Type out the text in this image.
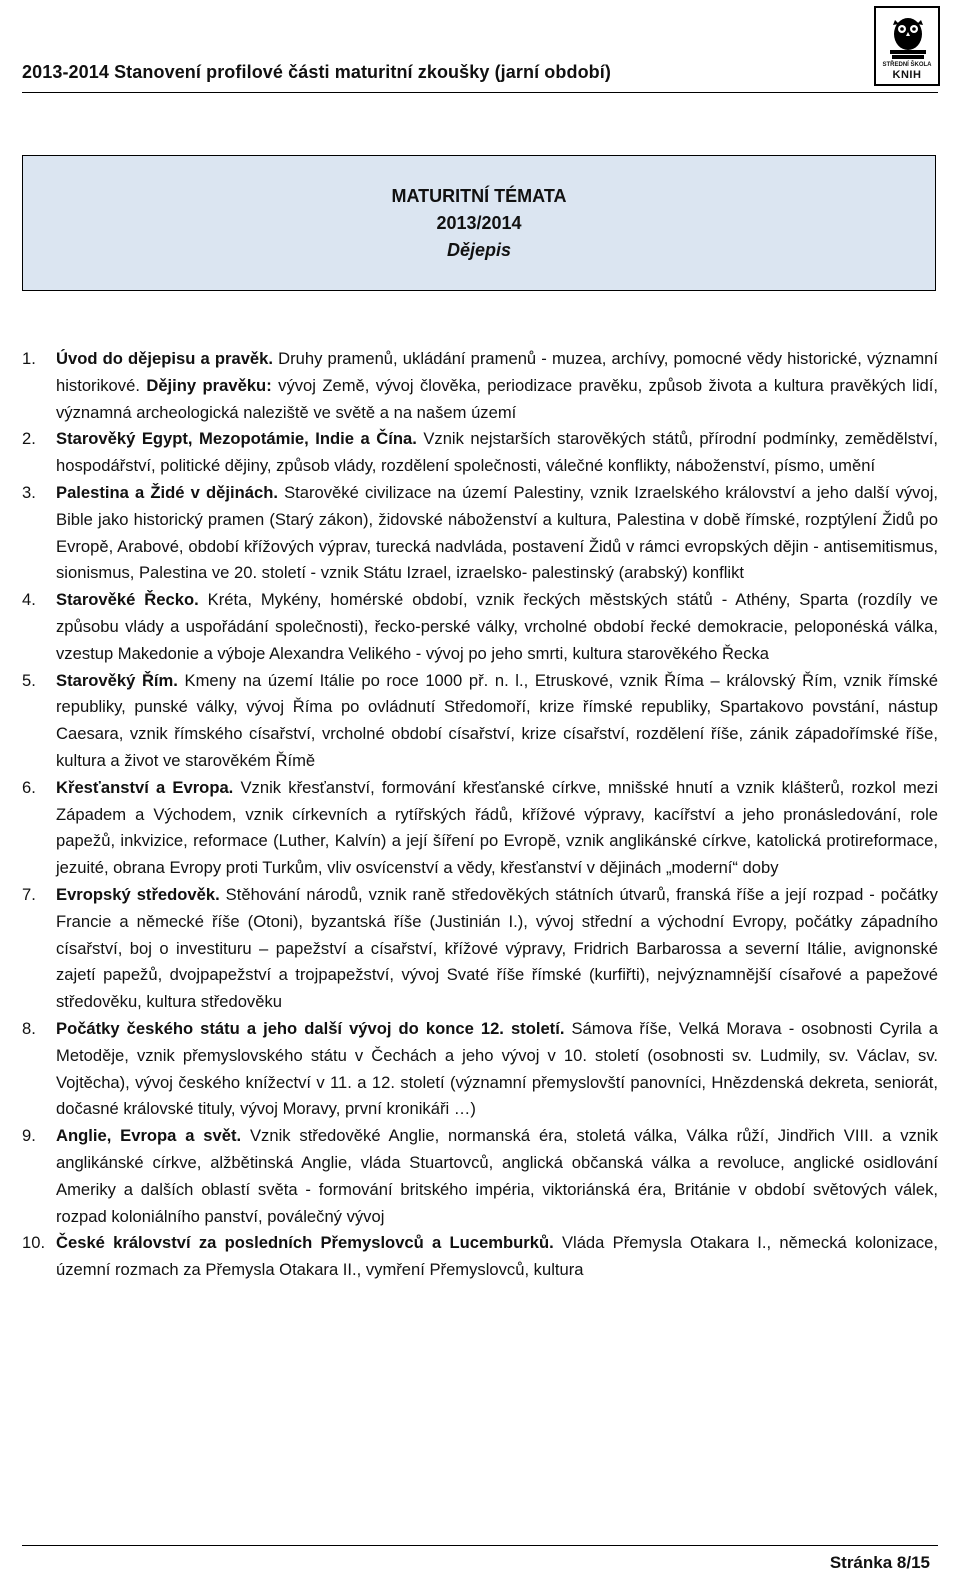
2013-2014 Stanovení profilové části maturitní zkoušky (jarní období)	STŘEDNÍ ŠKOLA
KNIH
MATURITNÍ TÉMATA
2013/2014
Dějepis
1.	Úvod do dějepisu a pravěk. Druhy pramenů, ukládání pramenů - muzea, archívy, pomocné vědy historické, významní historikové. Dějiny pravěku: vývoj Země, vývoj člověka, periodizace pravěku, způsob života a kultura pravěkých lidí, významná archeologická naleziště ve světě a na našem území
2.	Starověký Egypt, Mezopotámie, Indie a Čína. Vznik nejstarších starověkých států, přírodní podmínky, zemědělství, hospodářství, politické dějiny, způsob vlády, rozdělení společnosti, válečné konflikty, náboženství, písmo, umění
3.	Palestina a Židé v dějinách. Starověké civilizace na území Palestiny, vznik Izraelského království a jeho další vývoj, Bible jako historický pramen (Starý zákon), židovské náboženství a kultura, Palestina v době římské, rozptýlení Židů po Evropě, Arabové, období křížových výprav, turecká nadvláda, postavení Židů v rámci evropských dějin - antisemitismus, sionismus, Palestina ve 20. století - vznik Státu Izrael, izraelsko- palestinský (arabský) konflikt
4.	Starověké Řecko. Kréta, Mykény, homérské období, vznik řeckých městských států - Athény, Sparta (rozdíly ve způsobu vlády a uspořádání společnosti), řecko-perské války, vrcholné období řecké demokracie, peloponéská válka, vzestup Makedonie a výboje Alexandra Velikého - vývoj po jeho smrti, kultura starověkého Řecka
5.	Starověký Řím. Kmeny na území Itálie po roce 1000 př. n. l., Etruskové, vznik Říma – královský Řím, vznik římské republiky, punské války, vývoj Říma po ovládnutí Středomoří, krize římské republiky, Spartakovo povstání, nástup Caesara, vznik římského císařství, vrcholné období císařství, krize císařství, rozdělení říše, zánik západořímské říše, kultura a život ve starověkém Římě
6.	Křesťanství a Evropa. Vznik křesťanství, formování křesťanské církve, mnišské hnutí a vznik klášterů, rozkol mezi Západem a Východem, vznik církevních a rytířských řádů, křížové výpravy, kacířství a jeho pronásledování, role papežů, inkvizice, reformace (Luther, Kalvín) a její šíření po Evropě, vznik anglikánské církve, katolická protireformace, jezuité, obrana Evropy proti Turkům, vliv osvícenství a vědy, křesťanství v dějinách „moderní“ doby
7.	Evropský středověk. Stěhování národů, vznik raně středověkých státních útvarů, franská říše a její rozpad - počátky Francie a německé říše (Otoni), byzantská říše (Justinián I.), vývoj střední a východní Evropy, počátky západního císařství, boj o investituru – papežství a císařství, křížové výpravy, Fridrich Barbarossa a severní Itálie, avignonské zajetí papežů, dvojpapežství a trojpapežství, vývoj Svaté říše římské (kurfiřti), nejvýznamnější císařové a papežové středověku, kultura středověku
8.	Počátky českého státu a jeho další vývoj do konce 12. století. Sámova říše, Velká Morava - osobnosti Cyrila a Metoděje, vznik přemyslovského státu v Čechách a jeho vývoj v 10. století (osobnosti sv. Ludmily, sv. Václav, sv. Vojtěcha), vývoj českého knížectví v 11. a 12. století (významní přemyslovští panovníci, Hnězdenská dekreta, seniorát, dočasné královské tituly, vývoj Moravy, první kronikáři …)
9.	Anglie, Evropa a svět. Vznik středověké Anglie, normanská éra, stoletá válka, Válka růží, Jindřich VIII. a vznik anglikánské církve, alžbětinská Anglie, vláda Stuartovců, anglická občanská válka a revoluce, anglické osidlování Ameriky a dalších oblastí světa - formování britského impéria, viktoriánská éra, Británie v období světových válek, rozpad koloniálního panství, poválečný vývoj
10. České království za posledních Přemyslovců a Lucemburků. Vláda Přemysla Otakara I., německá kolonizace, územní rozmach za Přemysla Otakara II., vymření Přemyslovců, kultura
Stránka 8/15
